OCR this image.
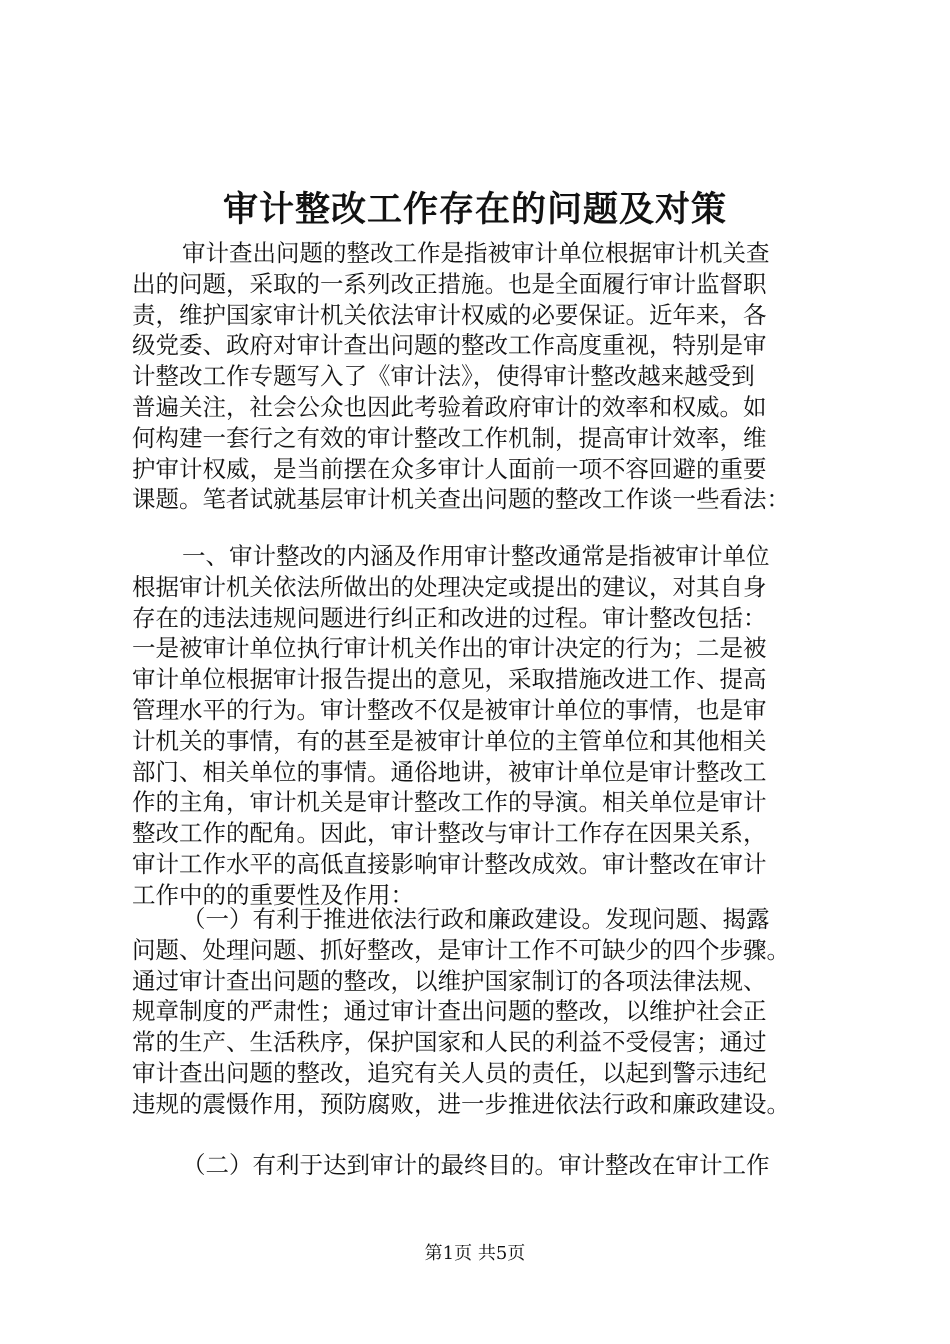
审计整改工作存在的问题及对策
审计查出问题的整改工作是指被审计单位根据审计机关查
出的问题，采取的一系列改正措施。也是全面履行审计监督职
责，维护国家审计机关依法审计权威的必要保证。近年来，各
级党委、政府对审计查出问题的整改工作高度重视，特别是审
计整改工作专题写入了《审计法》，使得审计整改越来越受到
普遍关注，社会公众也因此考验着政府审计的效率和权威。如
何构建一套行之有效的审计整改工作机制，提高审计效率，维
护审计权威，是当前摆在众多审计人面前一项不容回避的重要
课题。笔者试就基层审计机关查出问题的整改工作谈一些看法：
一、审计整改的内涵及作用审计整改通常是指被审计单位
根据审计机关依法所做出的处理决定或提出的建议，对其自身
存在的违法违规问题进行纠正和改进的过程。审计整改包括：
一是被审计单位执行审计机关作出的审计决定的行为；二是被
审计单位根据审计报告提出的意见，采取措施改进工作、提高
管理水平的行为。审计整改不仅是被审计单位的事情，也是审
计机关的事情，有的甚至是被审计单位的主管单位和其他相关
部门、相关单位的事情。通俗地讲，被审计单位是审计整改工
作的主角，审计机关是审计整改工作的导演。相关单位是审计
整改工作的配角。因此，审计整改与审计工作存在因果关系，
审计工作水平的高低直接影响审计整改成效。审计整改在审计
工作中的的重要性及作用：
（一）有利于推进依法行政和廉政建设。发现问题、揭露
问题、处理问题、抓好整改，是审计工作不可缺少的四个步骤。
通过审计查出问题的整改，以维护国家制订的各项法律法规、
规章制度的严肃性；通过审计查出问题的整改，以维护社会正
常的生产、生活秩序，保护国家和人民的利益不受侵害；通过
审计查出问题的整改，追究有关人员的责任，以起到警示违纪
违规的震慑作用，预防腐败，进一步推进依法行政和廉政建设。
（二）有利于达到审计的最终目的。审计整改在审计工作
第1页 共5页
